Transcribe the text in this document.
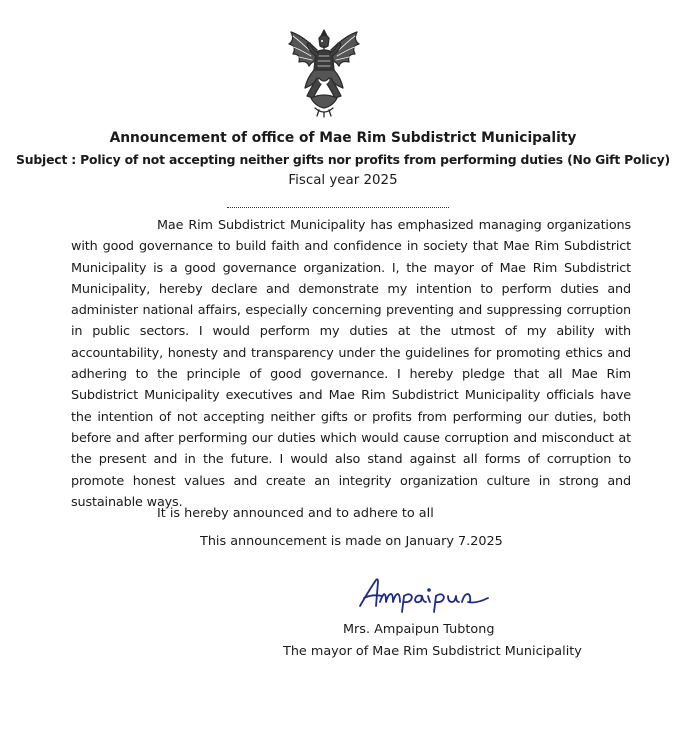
Announcement of office of Mae Rim Subdistrict Municipality

Subject : Policy of not accepting neither gifts nor profits from performing duties (No Gift Policy)

Fiscal year 2025

Mae Rim Subdistrict Municipality has emphasized managing organizations with good governance to build faith and confidence in society that Mae Rim Subdistrict Municipality is a good governance organization. I, the mayor of Mae Rim Subdistrict Municipality, hereby declare and demonstrate my intention to perform duties and administer national affairs, especially concerning preventing and suppressing corruption in public sectors. I would perform my duties at the utmost of my ability with accountability, honesty and transparency under the guidelines for promoting ethics and adhering to the principle of good governance. I hereby pledge that all Mae Rim Subdistrict Municipality executives and Mae Rim Subdistrict Municipality officials have the intention of not accepting neither gifts or profits from performing our duties, both before and after performing our duties which would cause corruption and misconduct at the present and in the future. I would also stand against all forms of corruption to promote honest values and create an integrity organization culture in strong and sustainable ways.

It is hereby announced and to adhere to all

This announcement is made on January 7.2025

Mrs. Ampaipun Tubtong

The mayor of Mae Rim Subdistrict Municipality
